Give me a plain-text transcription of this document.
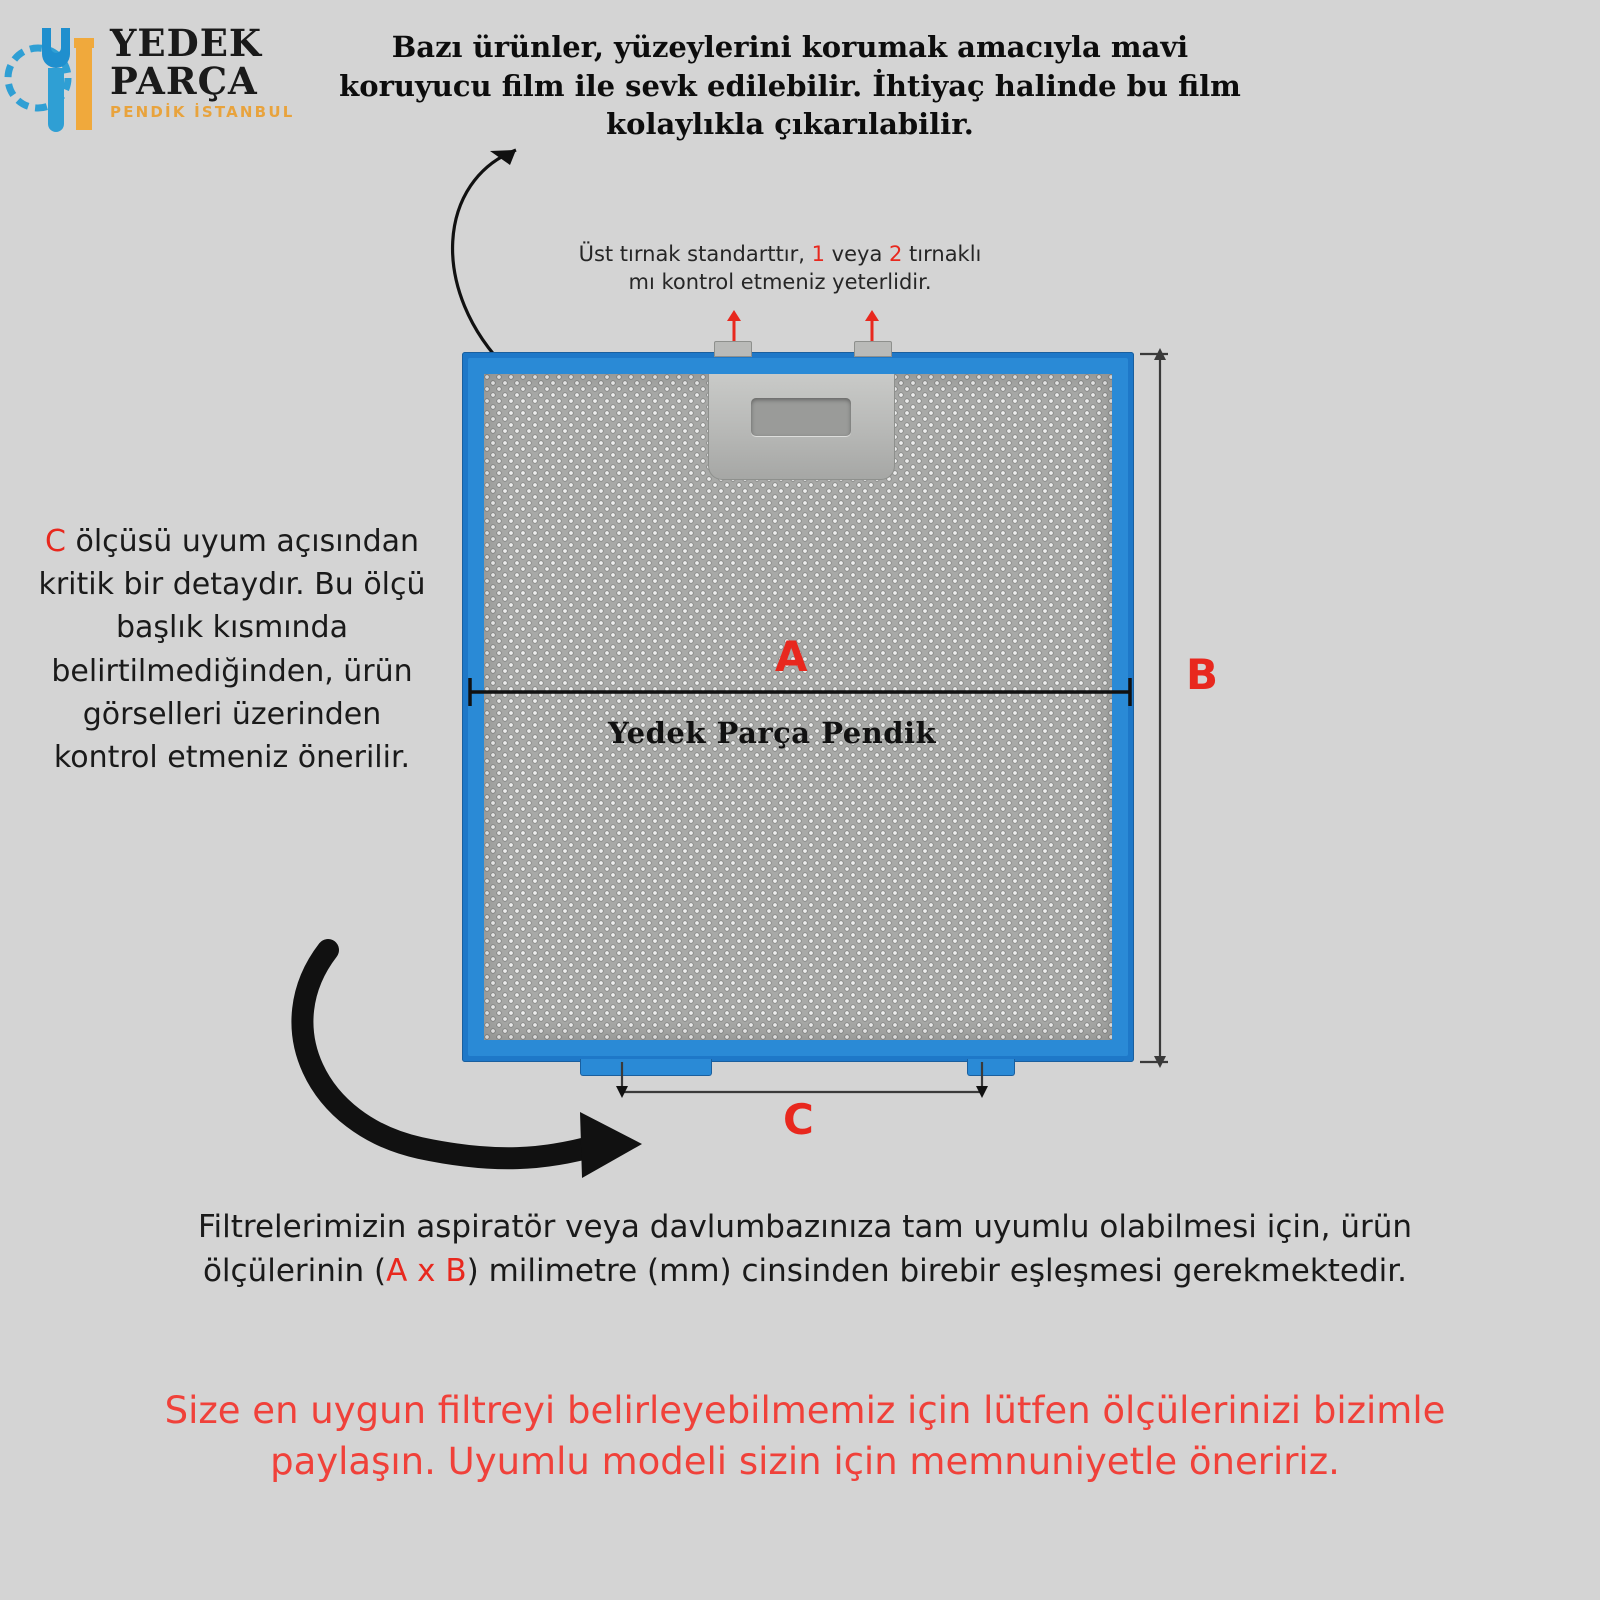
YEDEK
PARÇA
PENDİK İSTANBUL
Bazı ürünler, yüzeylerini korumak amacıyla mavi koruyucu film ile sevk edilebilir. İhtiyaç halinde bu film kolaylıkla çıkarılabilir.
Üst tırnak standarttır, 1 veya 2 tırnaklı
mı kontrol etmeniz yeterlidir.
A	B
C
Yedek Parça Pendik
C ölçüsü uyum açısından kritik bir detaydır. Bu ölçü başlık kısmında belirtilmediğinden, ürün görselleri üzerinden kontrol etmeniz önerilir.
Filtrelerimizin aspiratör veya davlumbazınıza tam uyumlu olabilmesi için, ürün ölçülerinin (A x B) milimetre (mm) cinsinden birebir eşleşmesi gerekmektedir.
Size en uygun filtreyi belirleyebilmemiz için lütfen ölçülerinizi bizimle paylaşın. Uyumlu modeli sizin için memnuniyetle öneririz.
